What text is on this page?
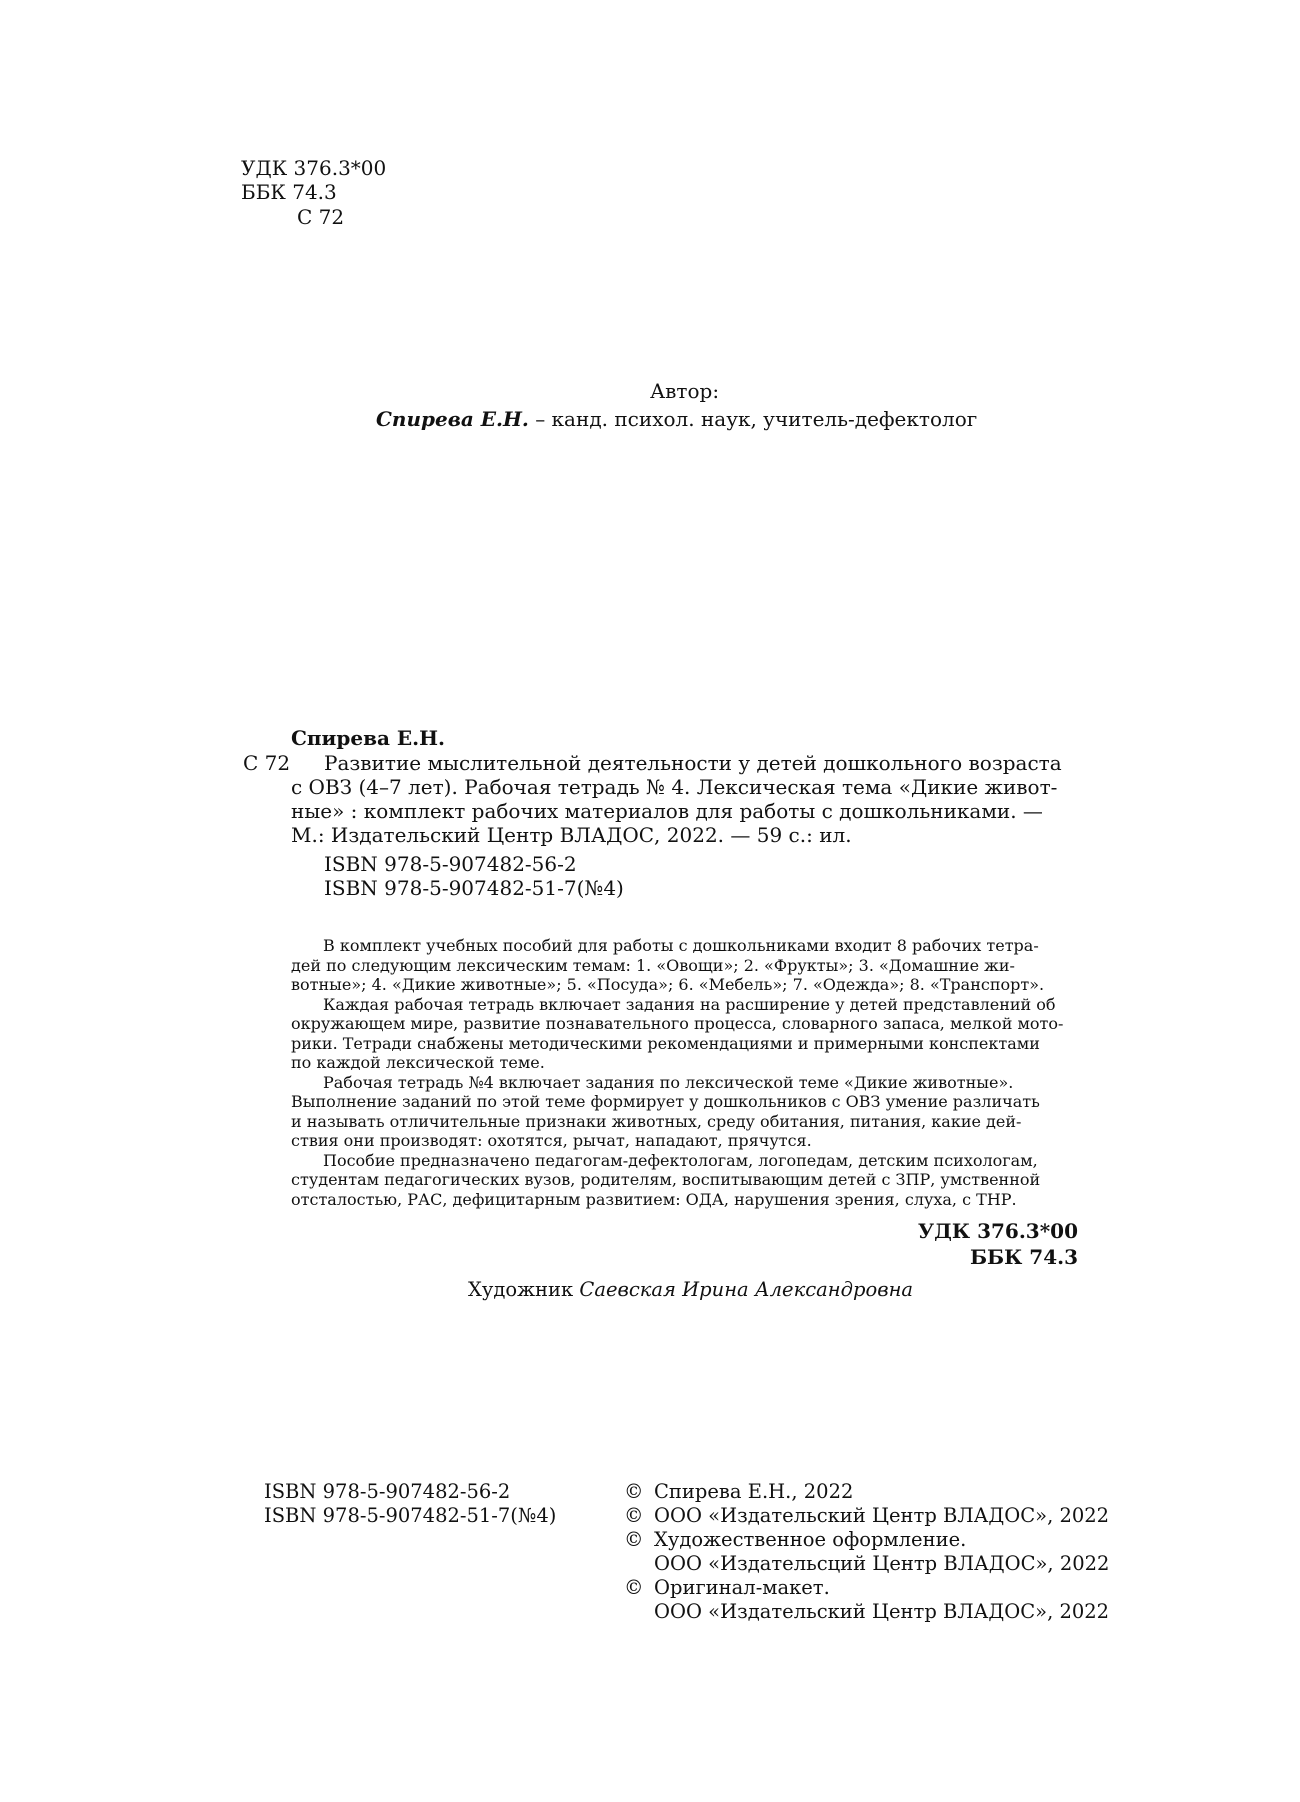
УДК 376.3*00
ББК 74.3
С 72
Автор:
Спирева Е.Н. – канд. психол. наук, учитель-дефектолог
Спирева Е.Н.
С 72 Развитие мыслительной деятельности у детей дошкольного возраста
с ОВЗ (4–7 лет). Рабочая тетрадь № 4. Лексическая тема «Дикие живот-
ные» : комплект рабочих материалов для работы с дошкольниками. —
М.: Издательский Центр ВЛАДОС, 2022. — 59 с.: ил.
ISBN 978-5-907482-56-2
ISBN 978-5-907482-51-7(№4)
В комплект учебных пособий для работы с дошкольниками входит 8 рабочих тетра-
дей по следующим лексическим темам: 1. «Овощи»; 2. «Фрукты»; 3. «Домашние жи-
вотные»; 4. «Дикие животные»; 5. «Посуда»; 6. «Мебель»; 7. «Одежда»; 8. «Транспорт».
Каждая рабочая тетрадь включает задания на расширение у детей представлений об
окружающем мире, развитие познавательного процесса, словарного запаса, мелкой мото-
рики. Тетради снабжены методическими рекомендациями и примерными конспектами
по каждой лексической теме.
Рабочая тетрадь №4 включает задания по лексической теме «Дикие животные».
Выполнение заданий по этой теме формирует у дошкольников с ОВЗ умение различать
и называть отличительные признаки животных, среду обитания, питания, какие дей-
ствия они производят: охотятся, рычат, нападают, прячутся.
Пособие предназначено педагогам-дефектологам, логопедам, детским психологам,
студентам педагогических вузов, родителям, воспитывающим детей с ЗПР, умственной
отсталостью, РАС, дефицитарным развитием: ОДА, нарушения зрения, слуха, с ТНР.
УДК 376.3*00
ББК 74.3
Художник Саевская Ирина Александровна
ISBN 978-5-907482-56-2
ISBN 978-5-907482-51-7(№4)
© Спирева Е.Н., 2022
© ООО «Издательский Центр ВЛАДОС», 2022
© Художественное оформление.
ООО «Издательсций Центр ВЛАДОС», 2022
© Оригинал-макет.
ООО «Издательский Центр ВЛАДОС», 2022
